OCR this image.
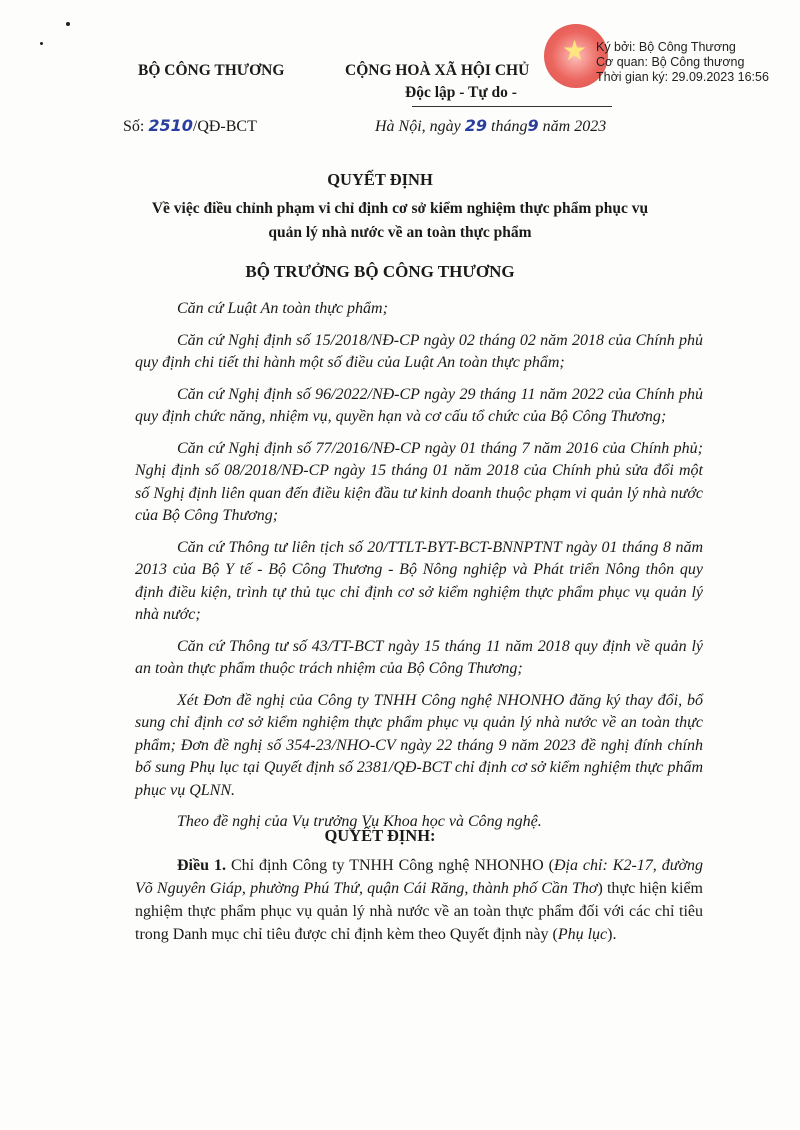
BỘ CÔNG THƯƠNG	CỘNG HOÀ XÃ HỘI CHỦ
Độc lập - Tự do -
★ Ký bởi: Bộ Công Thương
Cơ quan: Bộ Công thương
Thời gian ký: 29.09.2023 16:56
Số: 2510/QĐ-BCT	Hà Nội, ngày 29 tháng9 năm 2023
QUYẾT ĐỊNH
Về việc điều chỉnh phạm vi chỉ định cơ sở kiểm nghiệm thực phẩm phục vụ
quản lý nhà nước về an toàn thực phẩm
BỘ TRƯỞNG BỘ CÔNG THƯƠNG

Căn cứ Luật An toàn thực phẩm;

Căn cứ Nghị định số 15/2018/NĐ-CP ngày 02 tháng 02 năm 2018 của Chính phủ quy định chi tiết thi hành một số điều của Luật An toàn thực phẩm;

Căn cứ Nghị định số 96/2022/NĐ-CP ngày 29 tháng 11 năm 2022 của Chính phủ quy định chức năng, nhiệm vụ, quyền hạn và cơ cấu tổ chức của Bộ Công Thương;

Căn cứ Nghị định số 77/2016/NĐ-CP ngày 01 tháng 7 năm 2016 của Chính phủ; Nghị định số 08/2018/NĐ-CP ngày 15 tháng 01 năm 2018 của Chính phủ sửa đổi một số Nghị định liên quan đến điều kiện đầu tư kinh doanh thuộc phạm vi quản lý nhà nước của Bộ Công Thương;

Căn cứ Thông tư liên tịch số 20/TTLT-BYT-BCT-BNNPTNT ngày 01 tháng 8 năm 2013 của Bộ Y tế - Bộ Công Thương - Bộ Nông nghiệp và Phát triển Nông thôn quy định điều kiện, trình tự thủ tục chỉ định cơ sở kiểm nghiệm thực phẩm phục vụ quản lý nhà nước;

Căn cứ Thông tư số 43/TT-BCT ngày 15 tháng 11 năm 2018 quy định về quản lý an toàn thực phẩm thuộc trách nhiệm của Bộ Công Thương;

Xét Đơn đề nghị của Công ty TNHH Công nghệ NHONHO đăng ký thay đổi, bổ sung chỉ định cơ sở kiểm nghiệm thực phẩm phục vụ quản lý nhà nước về an toàn thực phẩm; Đơn đề nghị số 354-23/NHO-CV ngày 22 tháng 9 năm 2023 đề nghị đính chính bổ sung Phụ lục tại Quyết định số 2381/QĐ-BCT chỉ định cơ sở kiểm nghiệm thực phẩm phục vụ QLNN.

Theo đề nghị của Vụ trưởng Vụ Khoa học và Công nghệ.

QUYẾT ĐỊNH:
Điều 1. Chỉ định Công ty TNHH Công nghệ NHONHO (Địa chỉ: K2-17, đường Võ Nguyên Giáp, phường Phú Thứ, quận Cái Răng, thành phố Cần Thơ) thực hiện kiểm nghiệm thực phẩm phục vụ quản lý nhà nước về an toàn thực phẩm đối với các chỉ tiêu trong Danh mục chỉ tiêu được chỉ định kèm theo Quyết định này (Phụ lục).
